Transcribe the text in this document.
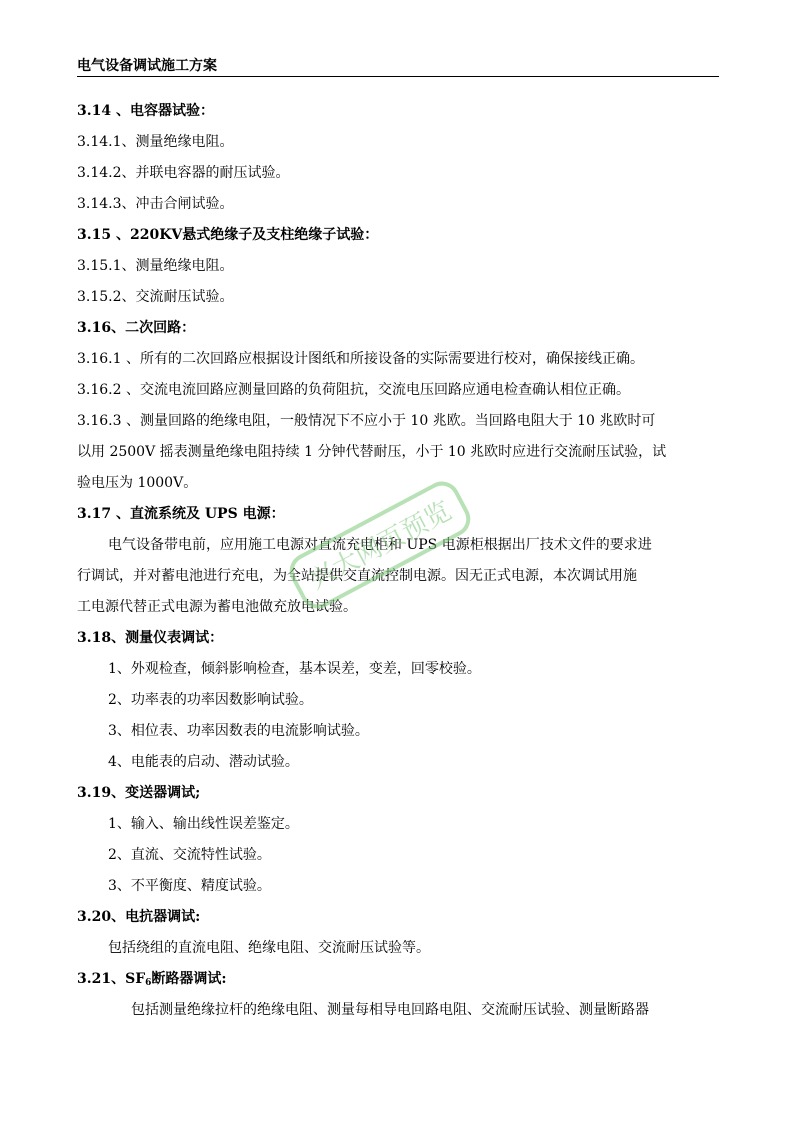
电气设备调试施工方案
3.14 、电容器试验：
3.14.1、测量绝缘电阻。
3.14.2、并联电容器的耐压试验。
3.14.3、冲击合闸试验。
3.15 、220KV悬式绝缘子及支柱绝缘子试验：
3.15.1、测量绝缘电阻。
3.15.2、交流耐压试验。
3.16、二次回路：
3.16.1 、所有的二次回路应根据设计图纸和所接设备的实际需要进行校对，确保接线正确。
3.16.2 、交流电流回路应测量回路的负荷阻抗，交流电压回路应通电检查确认相位正确。
3.16.3 、测量回路的绝缘电阻，一般情况下不应小于 10 兆欧。当回路电阻大于 10 兆欧时可
以用 2500V 摇表测量绝缘电阻持续 1 分钟代替耐压，小于 10 兆欧时应进行交流耐压试验，试
验电压为 1000V。
3.17 、直流系统及 UPS 电源：
电气设备带电前，应用施工电源对直流充电柜和 UPS 电源柜根据出厂技术文件的要求进
行调试，并对蓄电池进行充电，为全站提供交直流控制电源。因无正式电源，本次调试用施
工电源代替正式电源为蓄电池做充放电试验。
3.18、测量仪表调试：
1、外观检查，倾斜影响检查，基本误差，变差，回零校验。
2、功率表的功率因数影响试验。
3、相位表、功率因数表的电流影响试验。
4、电能表的启动、潜动试验。
3.19、变送器调试;
1、输入、输出线性误差鉴定。
2、直流、交流特性试验。
3、不平衡度、精度试验。
3.20、电抗器调试:
包括绕组的直流电阻、绝缘电阻、交流耐压试验等。
3.21、$SF_6$断路器调试:
包括测量绝缘拉杆的绝缘电阻、测量每相导电回路电阻、交流耐压试验、测量断路器
兴大网页预览
